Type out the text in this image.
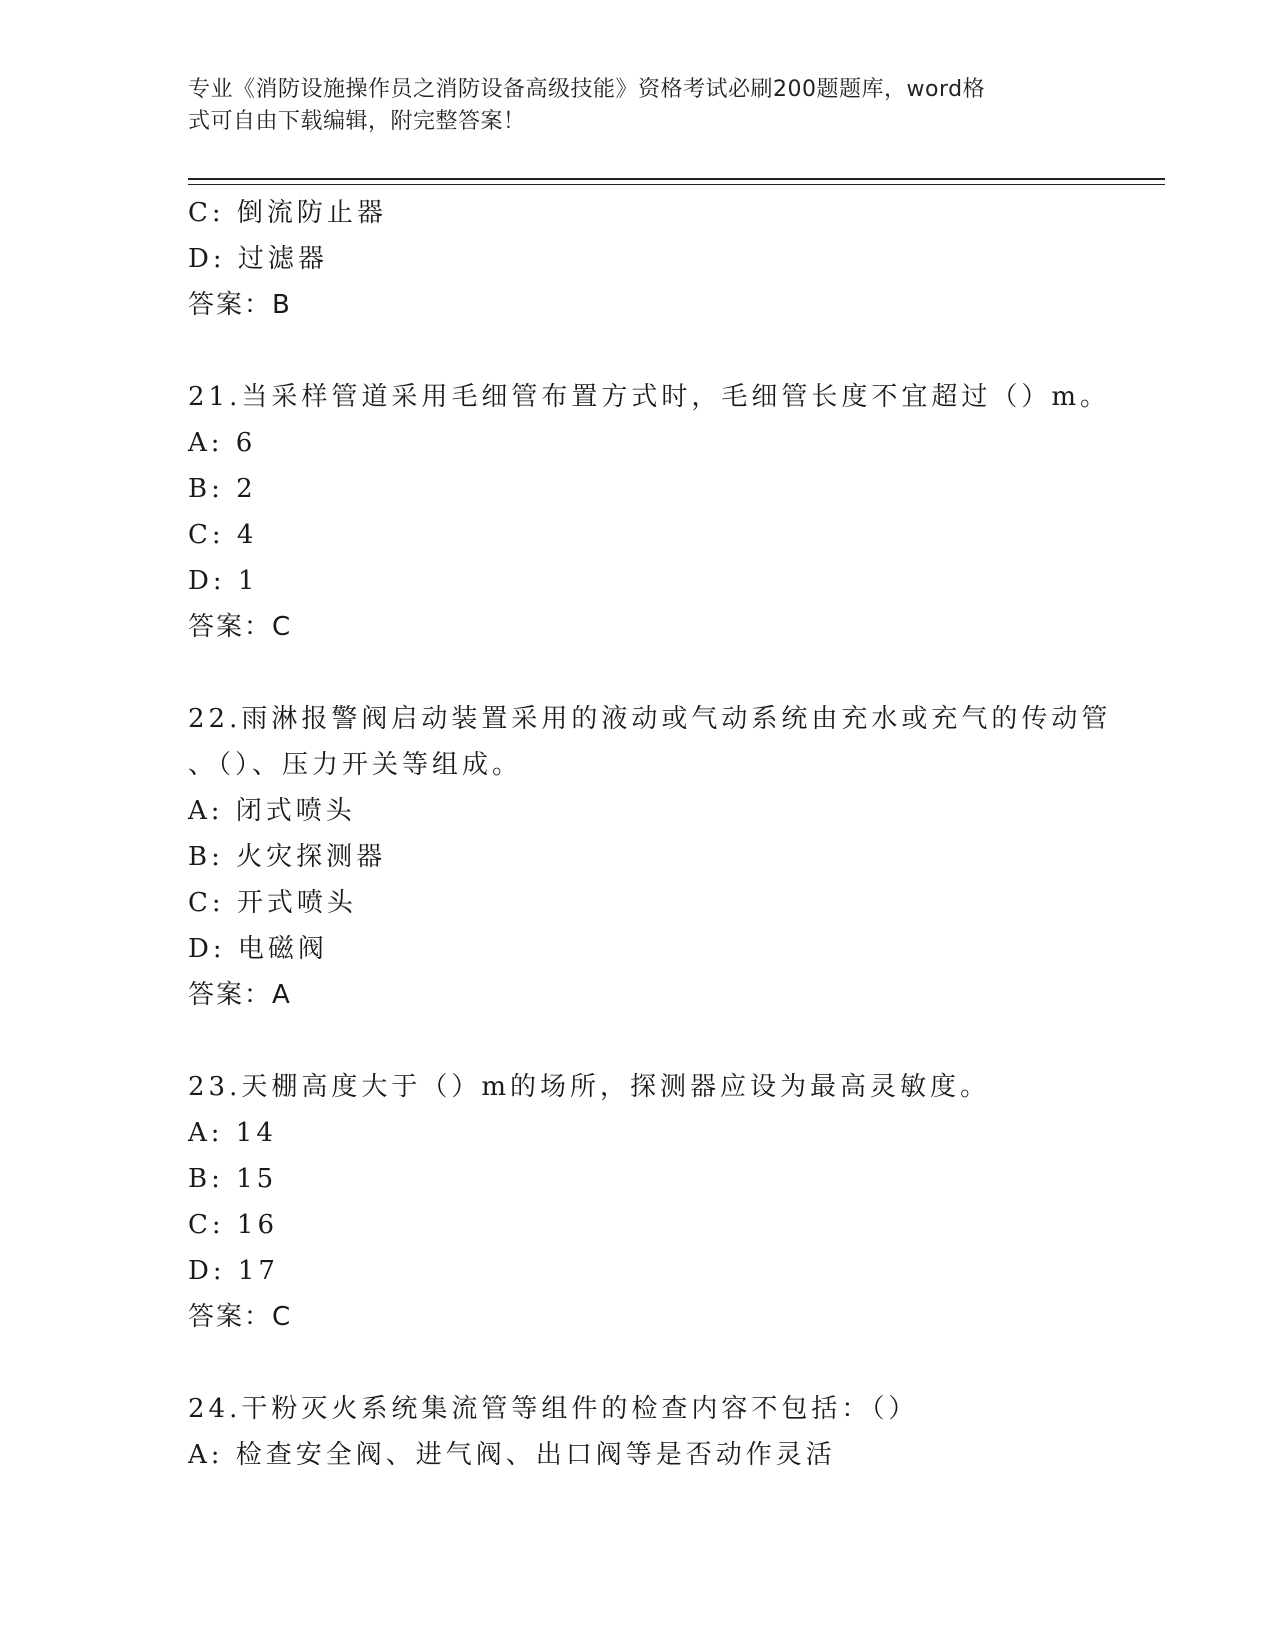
专业《消防设施操作员之消防设备高级技能》资格考试必刷200题题库，word格
式可自由下载编辑，附完整答案！
C: 倒流防止器
D: 过滤器
答案：B
21.当采样管道采用毛细管布置方式时，毛细管长度不宜超过（）m。
A: 6
B: 2
C: 4
D: 1
答案：C
22.雨淋报警阀启动装置采用的液动或气动系统由充水或充气的传动管
、（）、压力开关等组成。
A: 闭式喷头
B: 火灾探测器
C: 开式喷头
D: 电磁阀
答案：A
23.天棚高度大于（）m的场所，探测器应设为最高灵敏度。
A: 14
B: 15
C: 16
D: 17
答案：C
24.干粉灭火系统集流管等组件的检查内容不包括：（）
A: 检查安全阀、进气阀、出口阀等是否动作灵活
